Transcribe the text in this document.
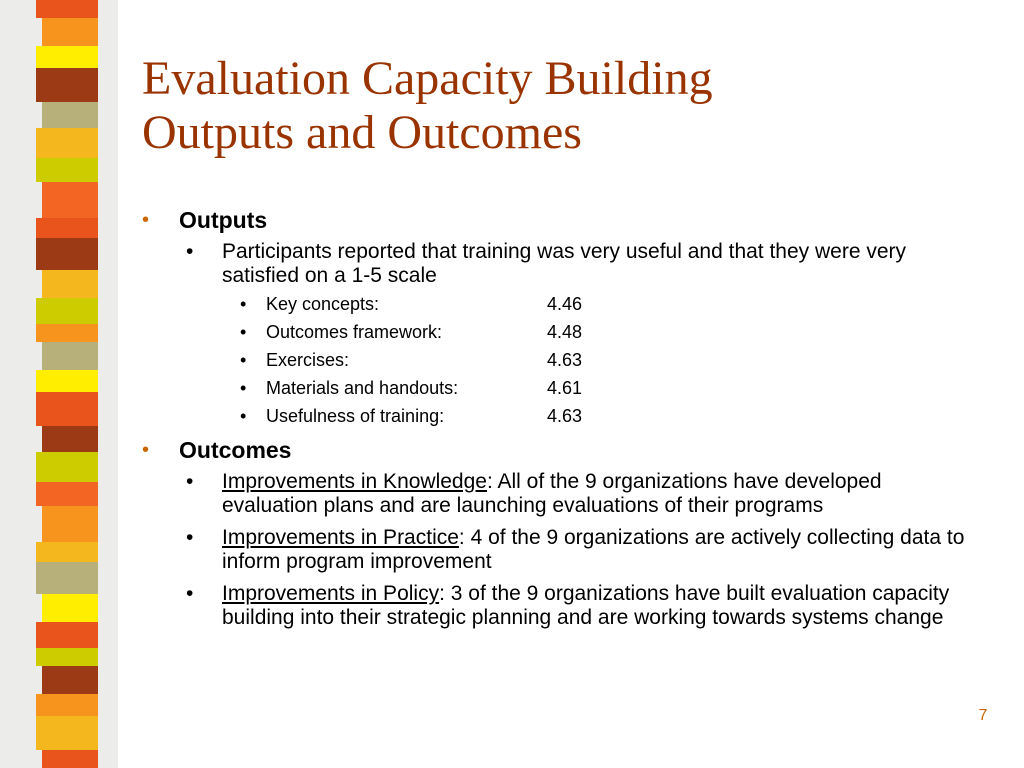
Evaluation Capacity Building
Outputs and Outcomes
• Outputs
• Participants reported that training was very useful and that they were very satisfied on a 1-5 scale
• Key concepts:	4.46
• Outcomes framework:	4.48
• Exercises:	4.63
• Materials and handouts:	4.61
• Usefulness of training:	4.63
• Outcomes
• Improvements in Knowledge: All of the 9 organizations have developed evaluation plans and are launching evaluations of their programs
• Improvements in Practice: 4 of the 9 organizations are actively collecting data to inform program improvement
• Improvements in Policy: 3 of the 9 organizations have built evaluation capacity building into their strategic planning and are working towards systems change
7
